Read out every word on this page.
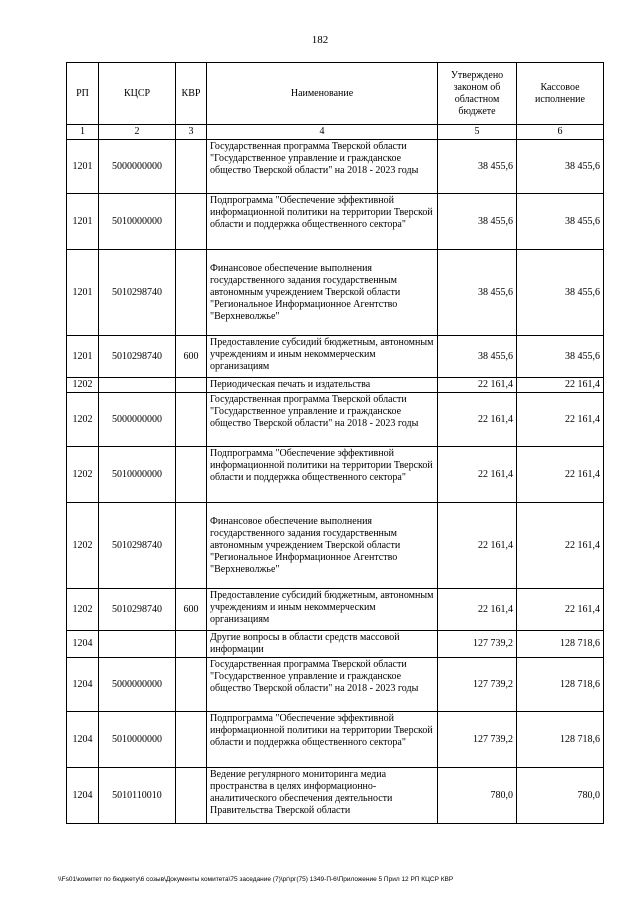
182
РП	КЦСР	КВР	Наименование	Утверждено законом об областном бюджете	Кассовое исполнение
1	2	3	4	5	6
1201	5000000000		Государственная программа Тверской области "Государственное управление и гражданское общество Тверской области" на 2018 - 2023 годы	38 455,6	38 455,6
1201	5010000000		Подпрограмма "Обеспечение эффективной информационной политики на территории Тверской области и поддержка общественного сектора"	38 455,6	38 455,6
1201	5010298740		Финансовое обеспечение выполнения государственного задания государственным автономным учреждением Тверской области "Региональное Информационное Агентство "Верхневолжье"	38 455,6	38 455,6
1201	5010298740	600	Предоставление субсидий бюджетным, автономным учреждениям и иным некоммерческим организациям	38 455,6	38 455,6
1202			Периодическая печать и издательства	22 161,4	22 161,4
1202	5000000000		Государственная программа Тверской области "Государственное управление и гражданское общество Тверской области" на 2018 - 2023 годы	22 161,4	22 161,4
1202	5010000000		Подпрограмма "Обеспечение эффективной информационной политики на территории Тверской области и поддержка общественного сектора"	22 161,4	22 161,4
1202	5010298740		Финансовое обеспечение выполнения государственного задания государственным автономным учреждением Тверской области "Региональное Информационное Агентство "Верхневолжье"	22 161,4	22 161,4
1202	5010298740	600	Предоставление субсидий бюджетным, автономным учреждениям и иным некоммерческим организациям	22 161,4	22 161,4
1204			Другие вопросы в области средств массовой информации	127 739,2	128 718,6
1204	5000000000		Государственная программа Тверской области "Государственное управление и гражданское общество Тверской области" на 2018 - 2023 годы	127 739,2	128 718,6
1204	5010000000		Подпрограмма "Обеспечение эффективной информационной политики на территории Тверской области и поддержка общественного сектора"	127 739,2	128 718,6
1204	5010110010		Ведение регулярного мониторинга медиа пространства в целях информационно-аналитического обеспечения деятельности Правительства Тверской области	780,0	780,0
\\Fs01\комитет по бюджету\6 созыв\Документы комитета\75 заседание (7)\рг\рг(75) 1349-П-6\Приложение 5 Прил 12 РП КЦСР КВР
